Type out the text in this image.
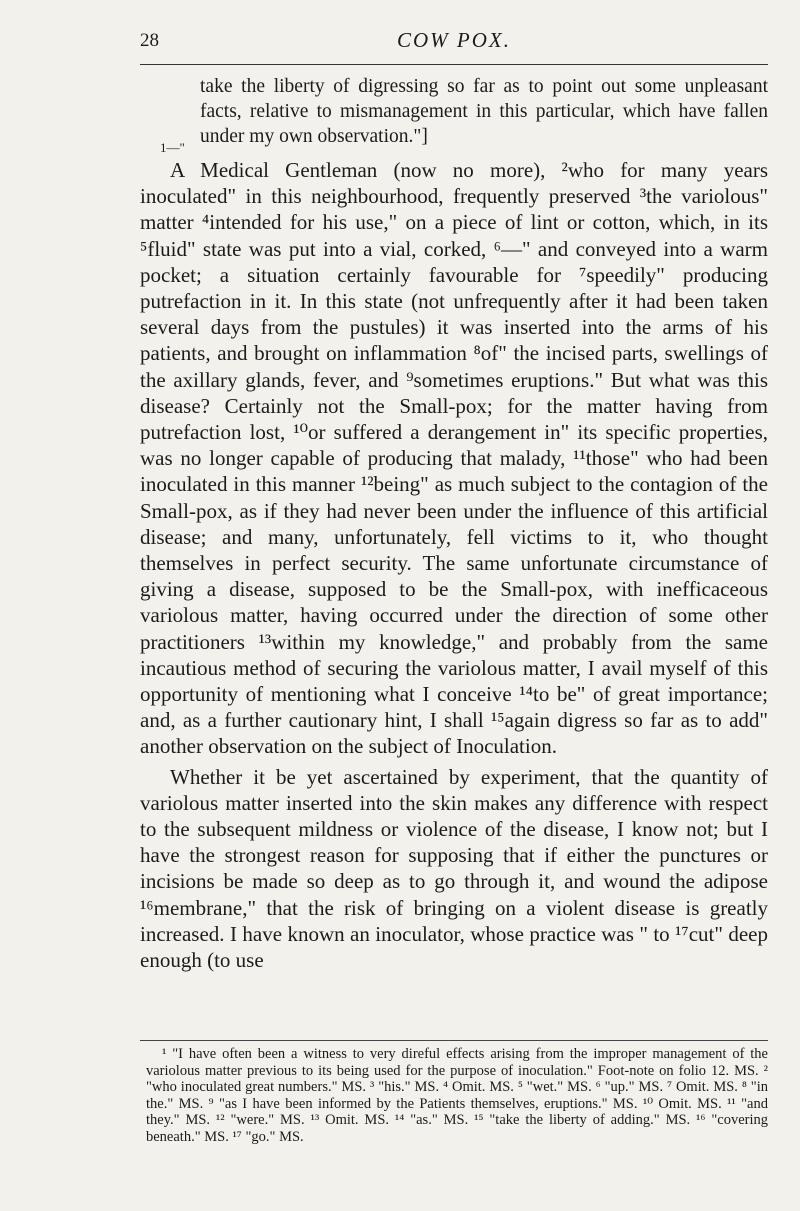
28	COW POX.
take the liberty of digressing so far as to point out some unpleasant facts, relative to mismanagement in this particular, which have fallen under my own observation."]
1—"

A Medical Gentleman (now no more), ²who for many years inoculated" in this neighbourhood, frequently preserved ³the variolous" matter ⁴intended for his use," on a piece of lint or cotton, which, in its ⁵fluid" state was put into a vial, corked, ⁶—" and conveyed into a warm pocket; a situation certainly favourable for ⁷speedily" producing putrefaction in it. In this state (not unfrequently after it had been taken several days from the pustules) it was inserted into the arms of his patients, and brought on inflammation ⁸of" the incised parts, swellings of the axillary glands, fever, and ⁹sometimes eruptions." But what was this disease? Certainly not the Small-pox; for the matter having from putrefaction lost, ¹⁰or suffered a derangement in" its specific properties, was no longer capable of producing that malady, ¹¹those" who had been inoculated in this manner ¹²being" as much subject to the contagion of the Small-pox, as if they had never been under the influence of this artificial disease; and many, unfortunately, fell victims to it, who thought themselves in perfect security. The same unfortunate circumstance of giving a disease, supposed to be the Small-pox, with inefficaceous variolous matter, having occurred under the direction of some other practitioners ¹³within my knowledge," and probably from the same incautious method of securing the variolous matter, I avail myself of this opportunity of mentioning what I conceive ¹⁴to be" of great importance; and, as a further cautionary hint, I shall ¹⁵again digress so far as to add" another observation on the subject of Inoculation.

Whether it be yet ascertained by experiment, that the quantity of variolous matter inserted into the skin makes any difference with respect to the subsequent mildness or violence of the disease, I know not; but I have the strongest reason for supposing that if either the punctures or incisions be made so deep as to go through it, and wound the adipose ¹⁶membrane," that the risk of bringing on a violent disease is greatly increased. I have known an inoculator, whose practice was " to ¹⁷cut" deep enough (to use

¹ "I have often been a witness to very direful effects arising from the improper management of the variolous matter previous to its being used for the purpose of inoculation." Foot-note on folio 12. MS. ² "who inoculated great numbers." MS. ³ "his." MS. ⁴ Omit. MS. ⁵ "wet." MS. ⁶ "up." MS. ⁷ Omit. MS. ⁸ "in the." MS. ⁹ "as I have been informed by the Patients themselves, eruptions." MS. ¹⁰ Omit. MS. ¹¹ "and they." MS. ¹² "were." MS. ¹³ Omit. MS. ¹⁴ "as." MS. ¹⁵ "take the liberty of adding." MS. ¹⁶ "covering beneath." MS. ¹⁷ "go." MS.
